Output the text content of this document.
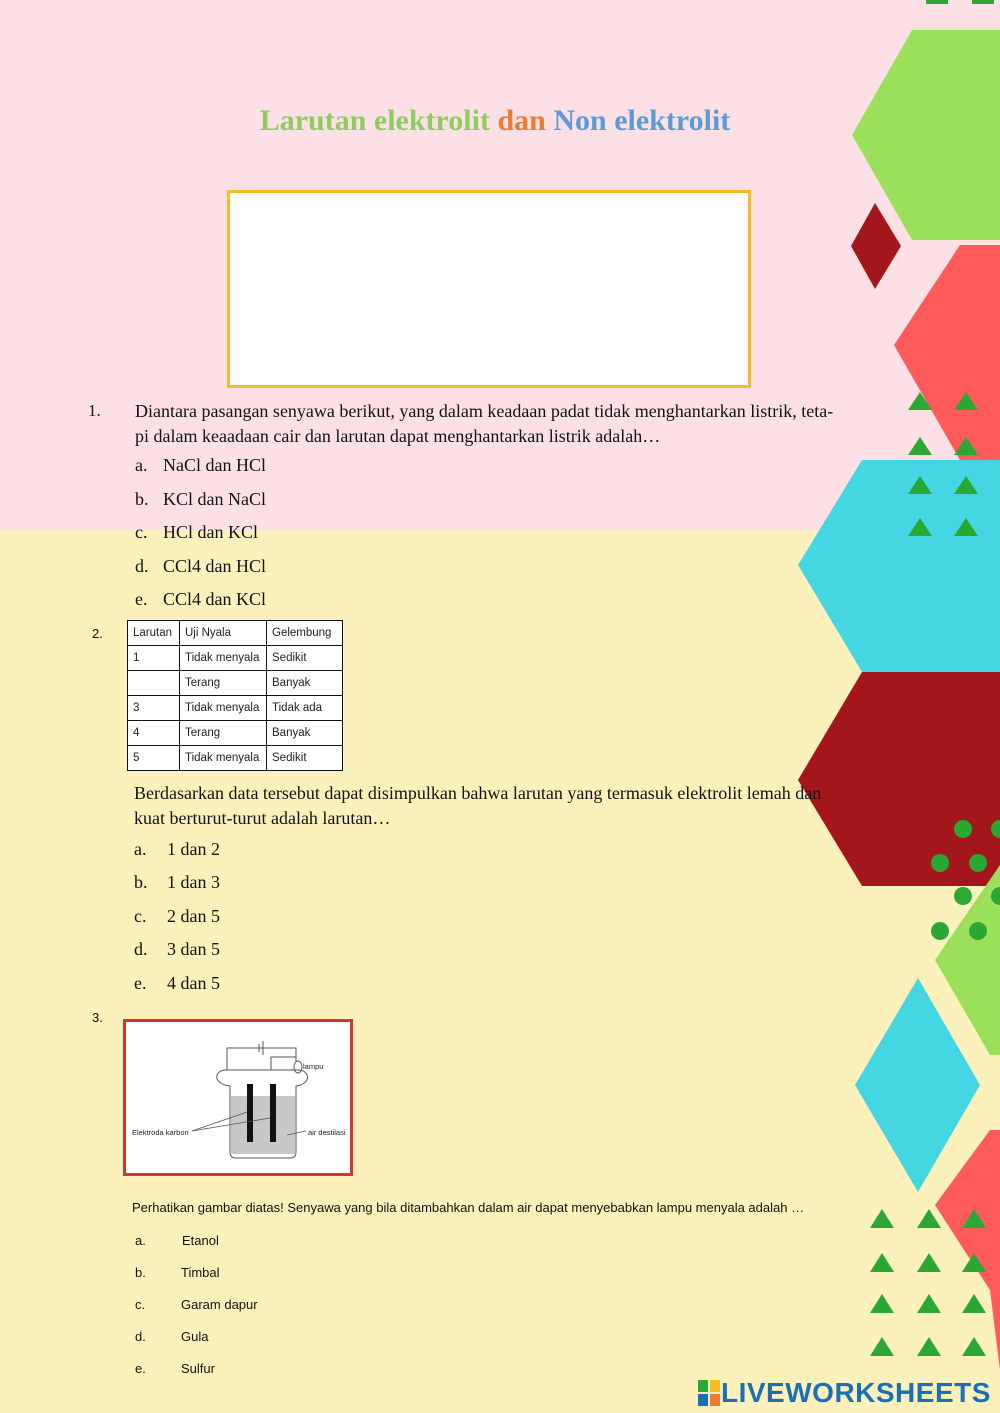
Larutan elektrolit dan Non elektrolit
1. Diantara pasangan senyawa berikut, yang dalam keadaan padat tidak menghantarkan listrik, teta-
pi dalam keaadaan cair dan larutan dapat menghantarkan listrik adalah…
a. NaCl dan HCl
b. KCl dan NaCl
c. HCl dan KCl
d. CCl4 dan HCl
e. CCl4 dan KCl
2.	Larutan	Uji Nyala	Gelembung
1	Tidak menyala	Sedikit
	Terang	Banyak
3	Tidak menyala	Tidak ada
4	Terang	Banyak
5	Tidak menyala	Sedikit
Berdasarkan data tersebut dapat disimpulkan bahwa larutan yang termasuk elektrolit lemah dan
kuat berturut-turut adalah larutan…
a. 1 dan 2
b. 1 dan 3
c. 2 dan 5
d. 3 dan 5
e. 4 dan 5
3.
lampu
Elektroda karbon	air destilasi
Perhatikan gambar diatas! Senyawa yang bila ditambahkan dalam air dapat menyebabkan lampu menyala adalah …
a.	Etanol
b.	Timbal
c.	Garam dapur
d.	Gula
e.	Sulfur
LIVEWORKSHEETS
